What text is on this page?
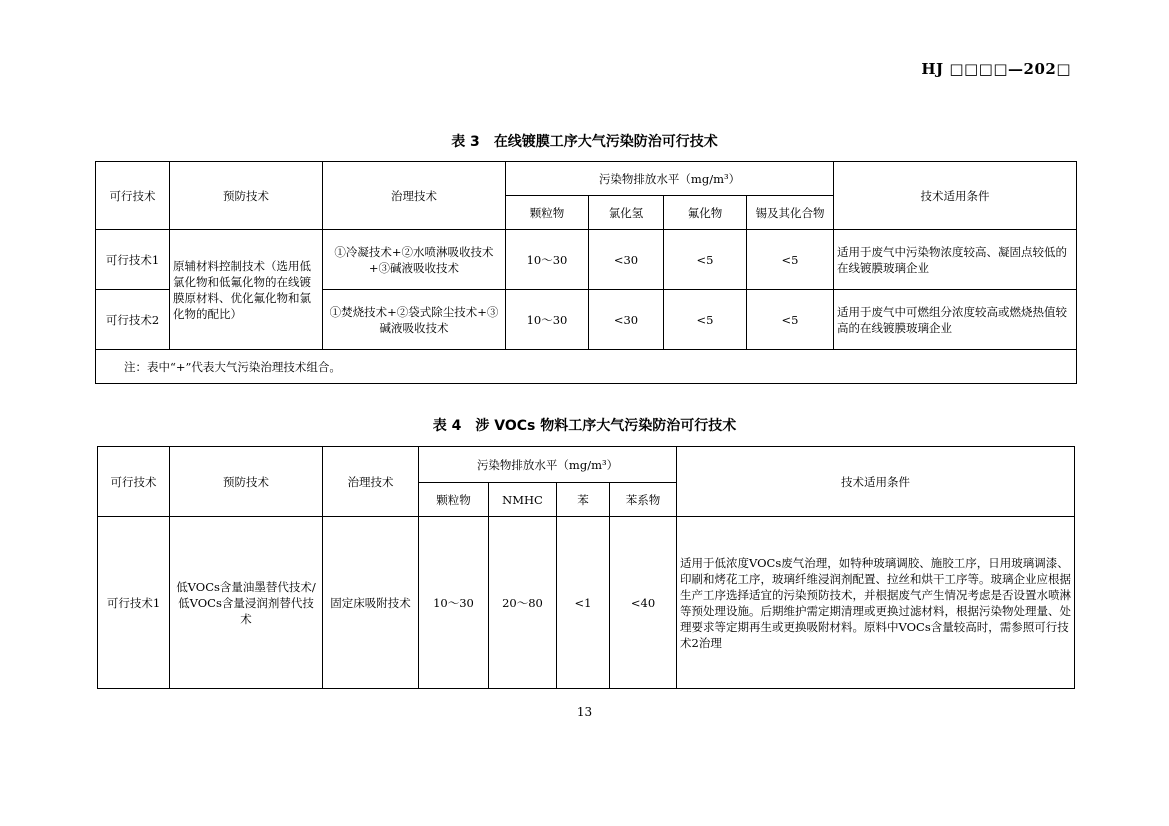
HJ □□□□—202□
表 3 在线镀膜工序大气污染防治可行技术
可行技术	预防技术	治理技术	污染物排放水平（mg/m³）				技术适用条件
			颗粒物	氯化氢	氟化物	锡及其化合物	
可行技术1	原辅材料控制技术（选用低氯化物和低氟化物的在线镀膜原材料、优化氟化物和氯化物的配比）	①冷凝技术+②水喷淋吸收技术+③碱液吸收技术	10～30	<30	<5	<5	适用于废气中污染物浓度较高、凝固点较低的在线镀膜玻璃企业
可行技术2		①焚烧技术+②袋式除尘技术+③碱液吸收技术	10～30	<30	<5	<5	适用于废气中可燃组分浓度较高或燃烧热值较高的在线镀膜玻璃企业
注：表中“+”代表大气污染治理技术组合。							
表 4 涉 VOCs 物料工序大气污染防治可行技术
可行技术	预防技术	治理技术	污染物排放水平（mg/m³）				技术适用条件
			颗粒物	NMHC	苯	苯系物	
可行技术1	低VOCs含量油墨替代技术/低VOCs含量浸润剂替代技术	固定床吸附技术	10～30	20～80	<1	<40	适用于低浓度VOCs废气治理，如特种玻璃调胶、施胶工序，日用玻璃调漆、印刷和烤花工序，玻璃纤维浸润剂配置、拉丝和烘干工序等。玻璃企业应根据生产工序选择适宜的污染预防技术，并根据废气产生情况考虑是否设置水喷淋等预处理设施。后期维护需定期清理或更换过滤材料，根据污染物处理量、处理要求等定期再生或更换吸附材料。原料中VOCs含量较高时，需参照可行技术2治理
13
